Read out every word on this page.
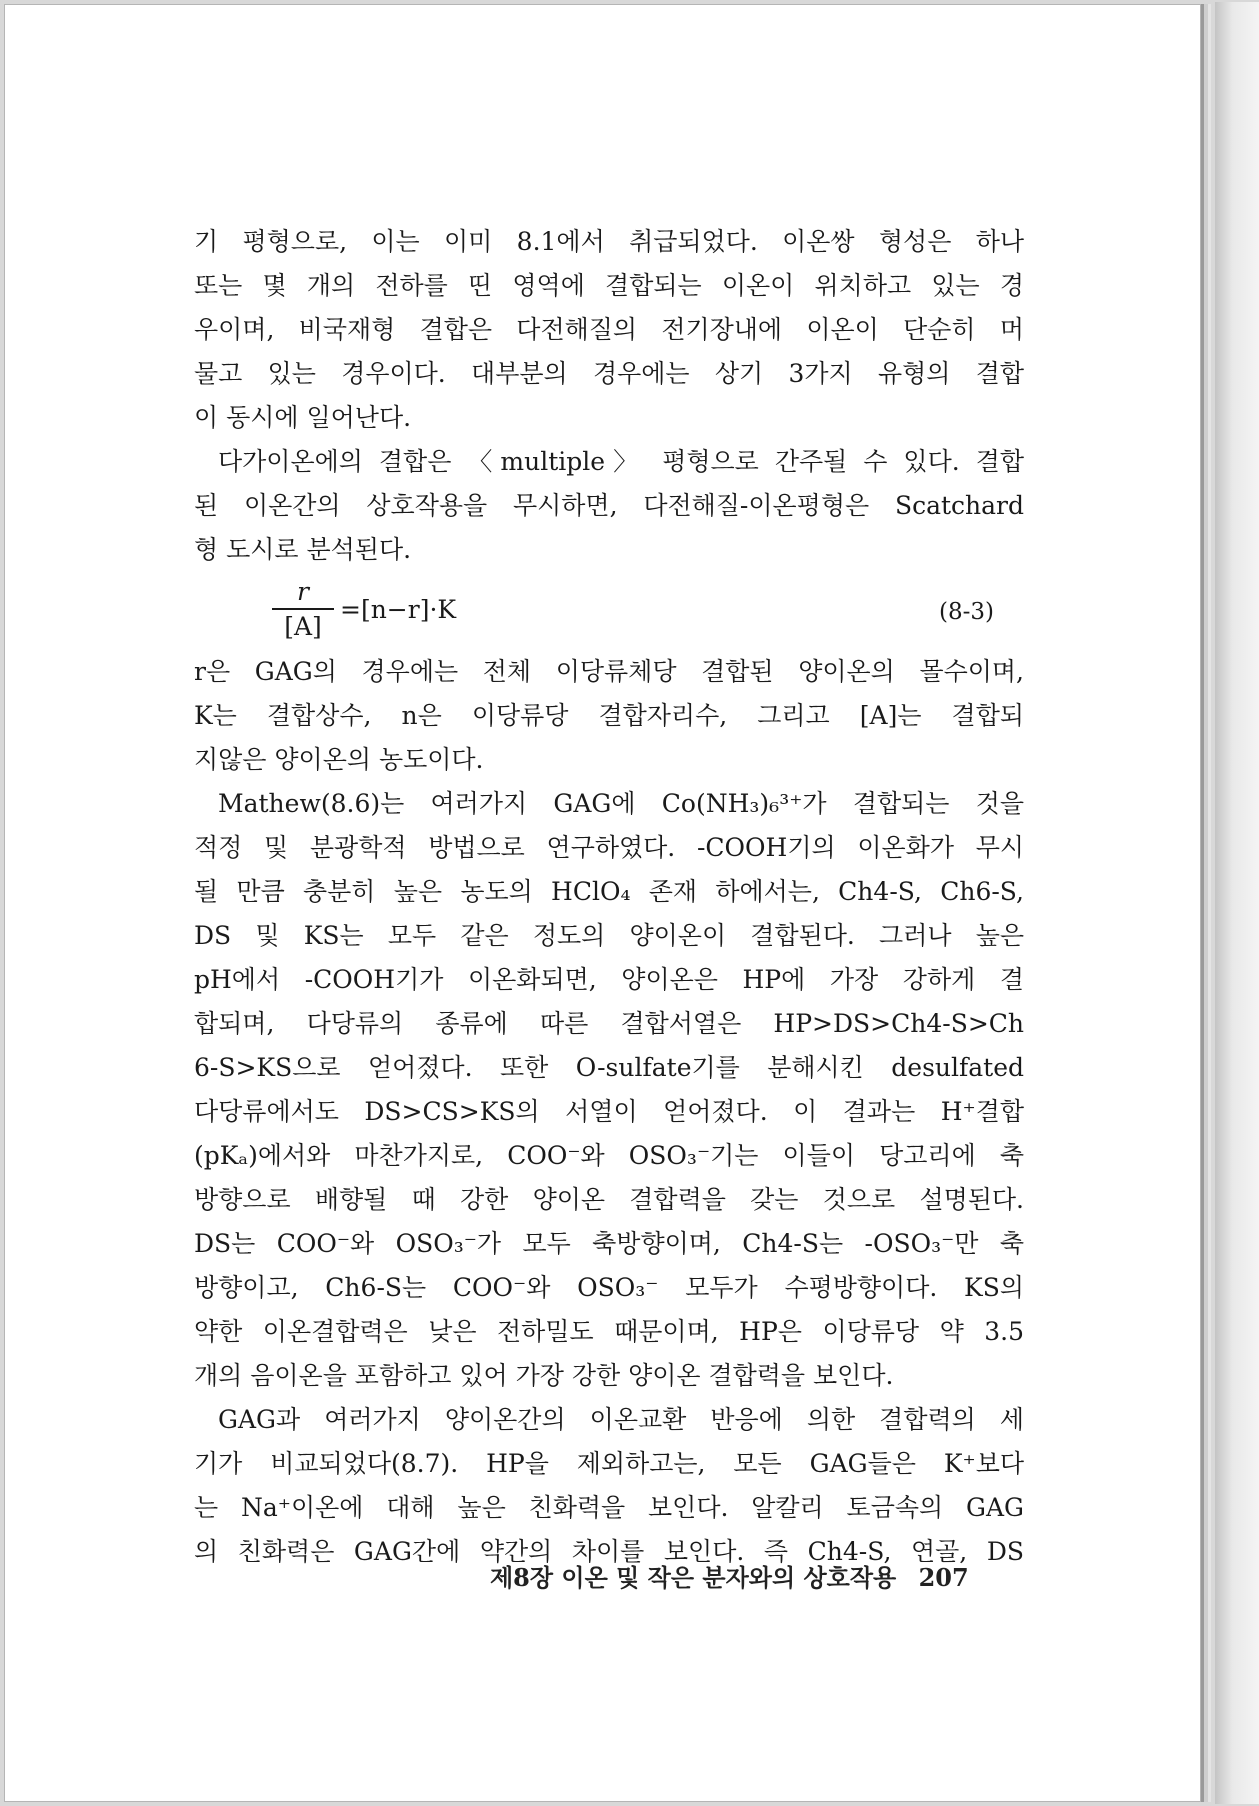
기 평형으로, 이는 이미 8.1에서 취급되었다. 이온쌍 형성은 하나
또는 몇 개의 전하를 띤 영역에 결합되는 이온이 위치하고 있는 경
우이며, 비국재형 결합은 다전해질의 전기장내에 이온이 단순히 머
물고 있는 경우이다. 대부분의 경우에는 상기 3가지 유형의 결합
이 동시에 일어난다.
다가이온에의 결합은 〈multiple〉 평형으로 간주될 수 있다. 결합
된 이온간의 상호작용을 무시하면, 다전해질-이온평형은 Scatchard
형 도시로 분석된다.
r
[A]
=[n−r]·K	(8-3)
r은 GAG의 경우에는 전체 이당류체당 결합된 양이온의 몰수이며,
K는 결합상수, n은 이당류당 결합자리수, 그리고 [A]는 결합되
지않은 양이온의 농도이다.
Mathew(8.6)는 여러가지 GAG에 Co(NH₃)₆³⁺가 결합되는 것을
적정 및 분광학적 방법으로 연구하였다. -COOH기의 이온화가 무시
될 만큼 충분히 높은 농도의 HClO₄ 존재 하에서는, Ch4-S, Ch6-S,
DS 및 KS는 모두 같은 정도의 양이온이 결합된다. 그러나 높은
pH에서 -COOH기가 이온화되면, 양이온은 HP에 가장 강하게 결
합되며, 다당류의 종류에 따른 결합서열은 HP>DS>Ch4-S>Ch
6-S>KS으로 얻어졌다. 또한 O-sulfate기를 분해시킨 desulfated
다당류에서도 DS>CS>KS의 서열이 얻어졌다. 이 결과는 H⁺결합
(pKₐ)에서와 마찬가지로, COO⁻와 OSO₃⁻기는 이들이 당고리에 축
방향으로 배향될 때 강한 양이온 결합력을 갖는 것으로 설명된다.
DS는 COO⁻와 OSO₃⁻가 모두 축방향이며, Ch4-S는 -OSO₃⁻만 축
방향이고, Ch6-S는 COO⁻와 OSO₃⁻ 모두가 수평방향이다. KS의
약한 이온결합력은 낮은 전하밀도 때문이며, HP은 이당류당 약 3.5
개의 음이온을 포함하고 있어 가장 강한 양이온 결합력을 보인다.
GAG과 여러가지 양이온간의 이온교환 반응에 의한 결합력의 세
기가 비교되었다(8.7). HP을 제외하고는, 모든 GAG들은 K⁺보다
는 Na⁺이온에 대해 높은 친화력을 보인다. 알칼리 토금속의 GAG
의 친화력은 GAG간에 약간의 차이를 보인다. 즉 Ch4-S, 연골, DS
제8장 이온 및 작은 분자와의 상호작용 207
